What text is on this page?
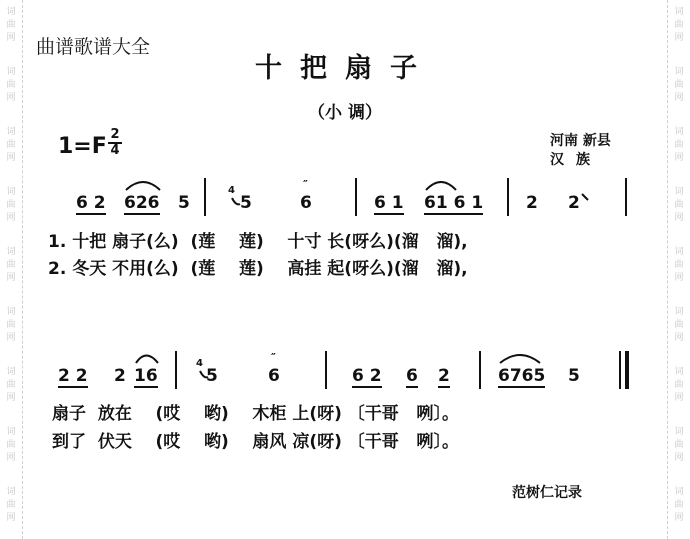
词
曲
网
词
曲
网
词
曲
网
词
曲
网
词
曲
网
词
曲
网
词
曲
网
词
曲
网
词
曲
网
词
曲
网
词
曲
网
词
曲
网
词
曲
网
词
曲
网
词
曲
网
词
曲
网
词
曲
网
词
曲
网
曲谱歌谱大全
十把扇子
（小 调）
1=F 2
4
河南 新县
汉族
6 2 626 5
4
5	6	6 1 61 6 1	2 2
1. 十把 扇子(么)  (莲    莲)    十寸 长(呀么)(溜   溜),
2. 冬天 不用(么)  (莲    莲)    高挂 起(呀么)(溜   溜),
2 2 2 16
4
5	6	6 2 6 2	6765 5
扇子  放在    (哎    哟)    木柜 上(呀) 〔干哥   咧〕。
到了  伏天    (哎    哟)    扇风 凉(呀) 〔干哥   咧〕。
范树仁记录
″
″
